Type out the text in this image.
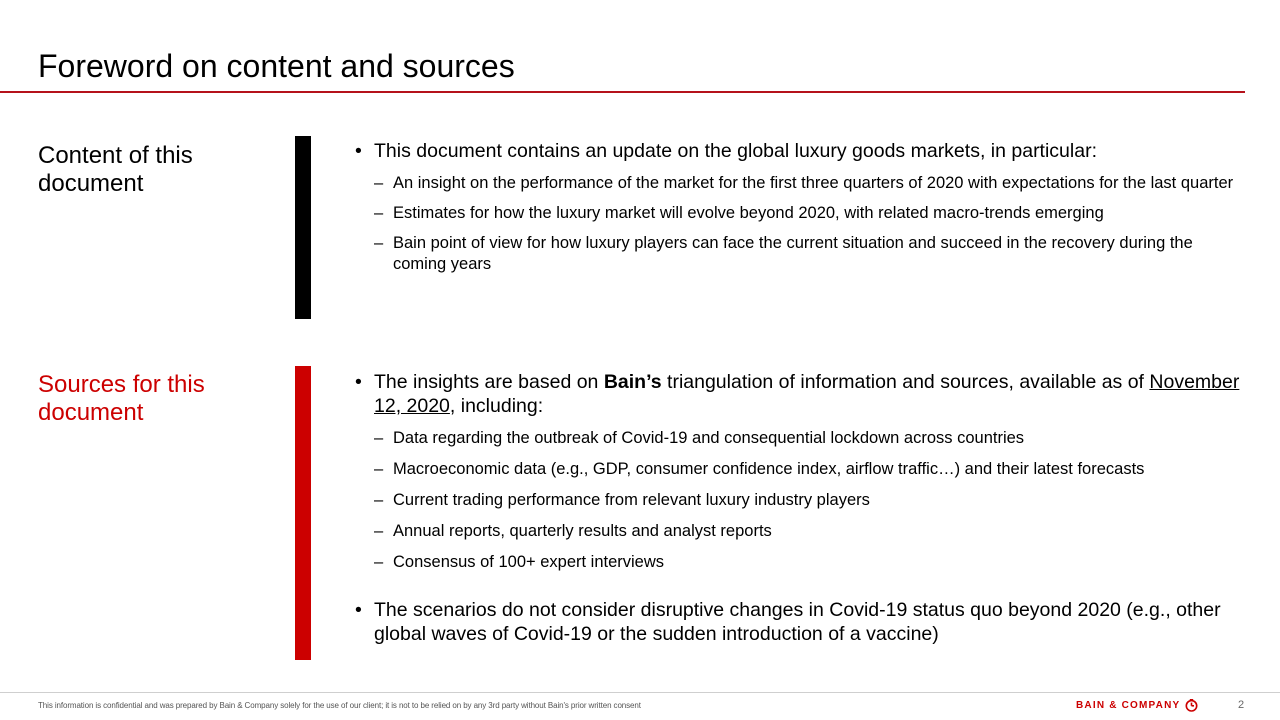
Foreword on content and sources
Content of this document
• This document contains an update on the global luxury goods markets, in particular:
– An insight on the performance of the market for the first three quarters of 2020 with expectations for the last quarter
– Estimates for how the luxury market will evolve beyond 2020, with related macro-trends emerging
– Bain point of view for how luxury players can face the current situation and succeed in the recovery during the coming years
Sources for this document
• The insights are based on Bain’s triangulation of information and sources, available as of November 12, 2020, including:
– Data regarding the outbreak of Covid-19 and consequential lockdown across countries
– Macroeconomic data (e.g., GDP, consumer confidence index, airflow traffic…) and their latest forecasts
– Current trading performance from relevant luxury industry players
– Annual reports, quarterly results and analyst reports
– Consensus of 100+ expert interviews
• The scenarios do not consider disruptive changes in Covid-19 status quo beyond 2020 (e.g., other global waves of Covid-19 or the sudden introduction of a vaccine)
This information is confidential and was prepared by Bain & Company solely for the use of our client; it is not to be relied on by any 3rd party without Bain's prior written consent	BAIN & COMPANY	2
